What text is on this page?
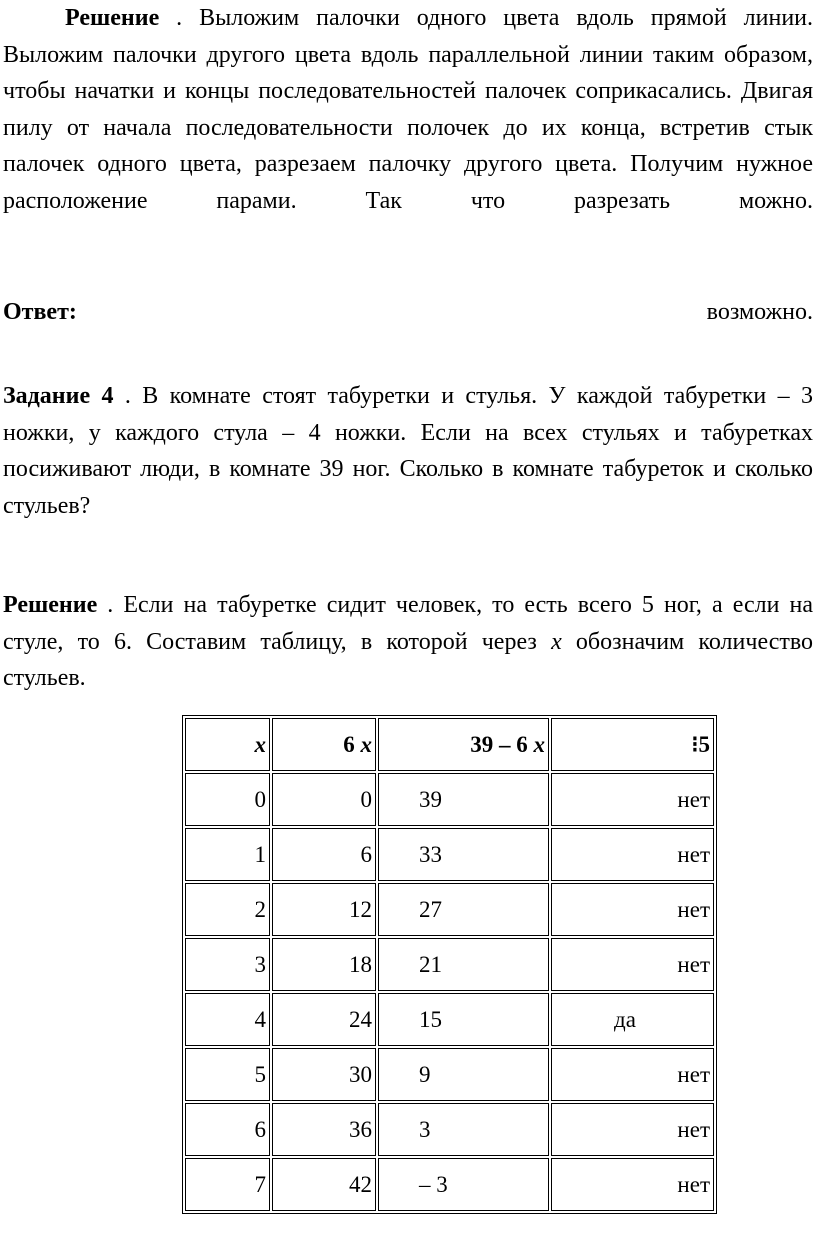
Решение . Выложим палочки одного цвета вдоль прямой линии.
Выложим палочки другого цвета вдоль параллельной линии таким образом,
чтобы начатки и концы последовательностей палочек соприкасались. Двигая
пилу от начала последовательности полочек до их конца, встретив стык
палочек одного цвета, разрезаем палочку другого цвета. Получим нужное
расположение парами. Так что разрезать можно.
Ответ:	возможно.
Задание 4 . В комнате стоят табуретки и стулья. У каждой табуретки – 3
ножки, у каждого стула – 4 ножки. Если на всех стульях и табуретках
посиживают люди, в комнате 39 ног. Сколько в комнате табуреток и сколько
стульев?
Решение . Если на табуретке сидит человек, то есть всего 5 ног, а если на
стуле, то 6. Составим таблицу, в которой через x обозначим количество
стульев.
x	6 x	39 – 6 x	⁝5
0	0	39	нет
1	6	33	нет
2	12	27	нет
3	18	21	нет
4	24	15	да
5	30	9	нет
6	36	3	нет
7	42	– 3	нет
